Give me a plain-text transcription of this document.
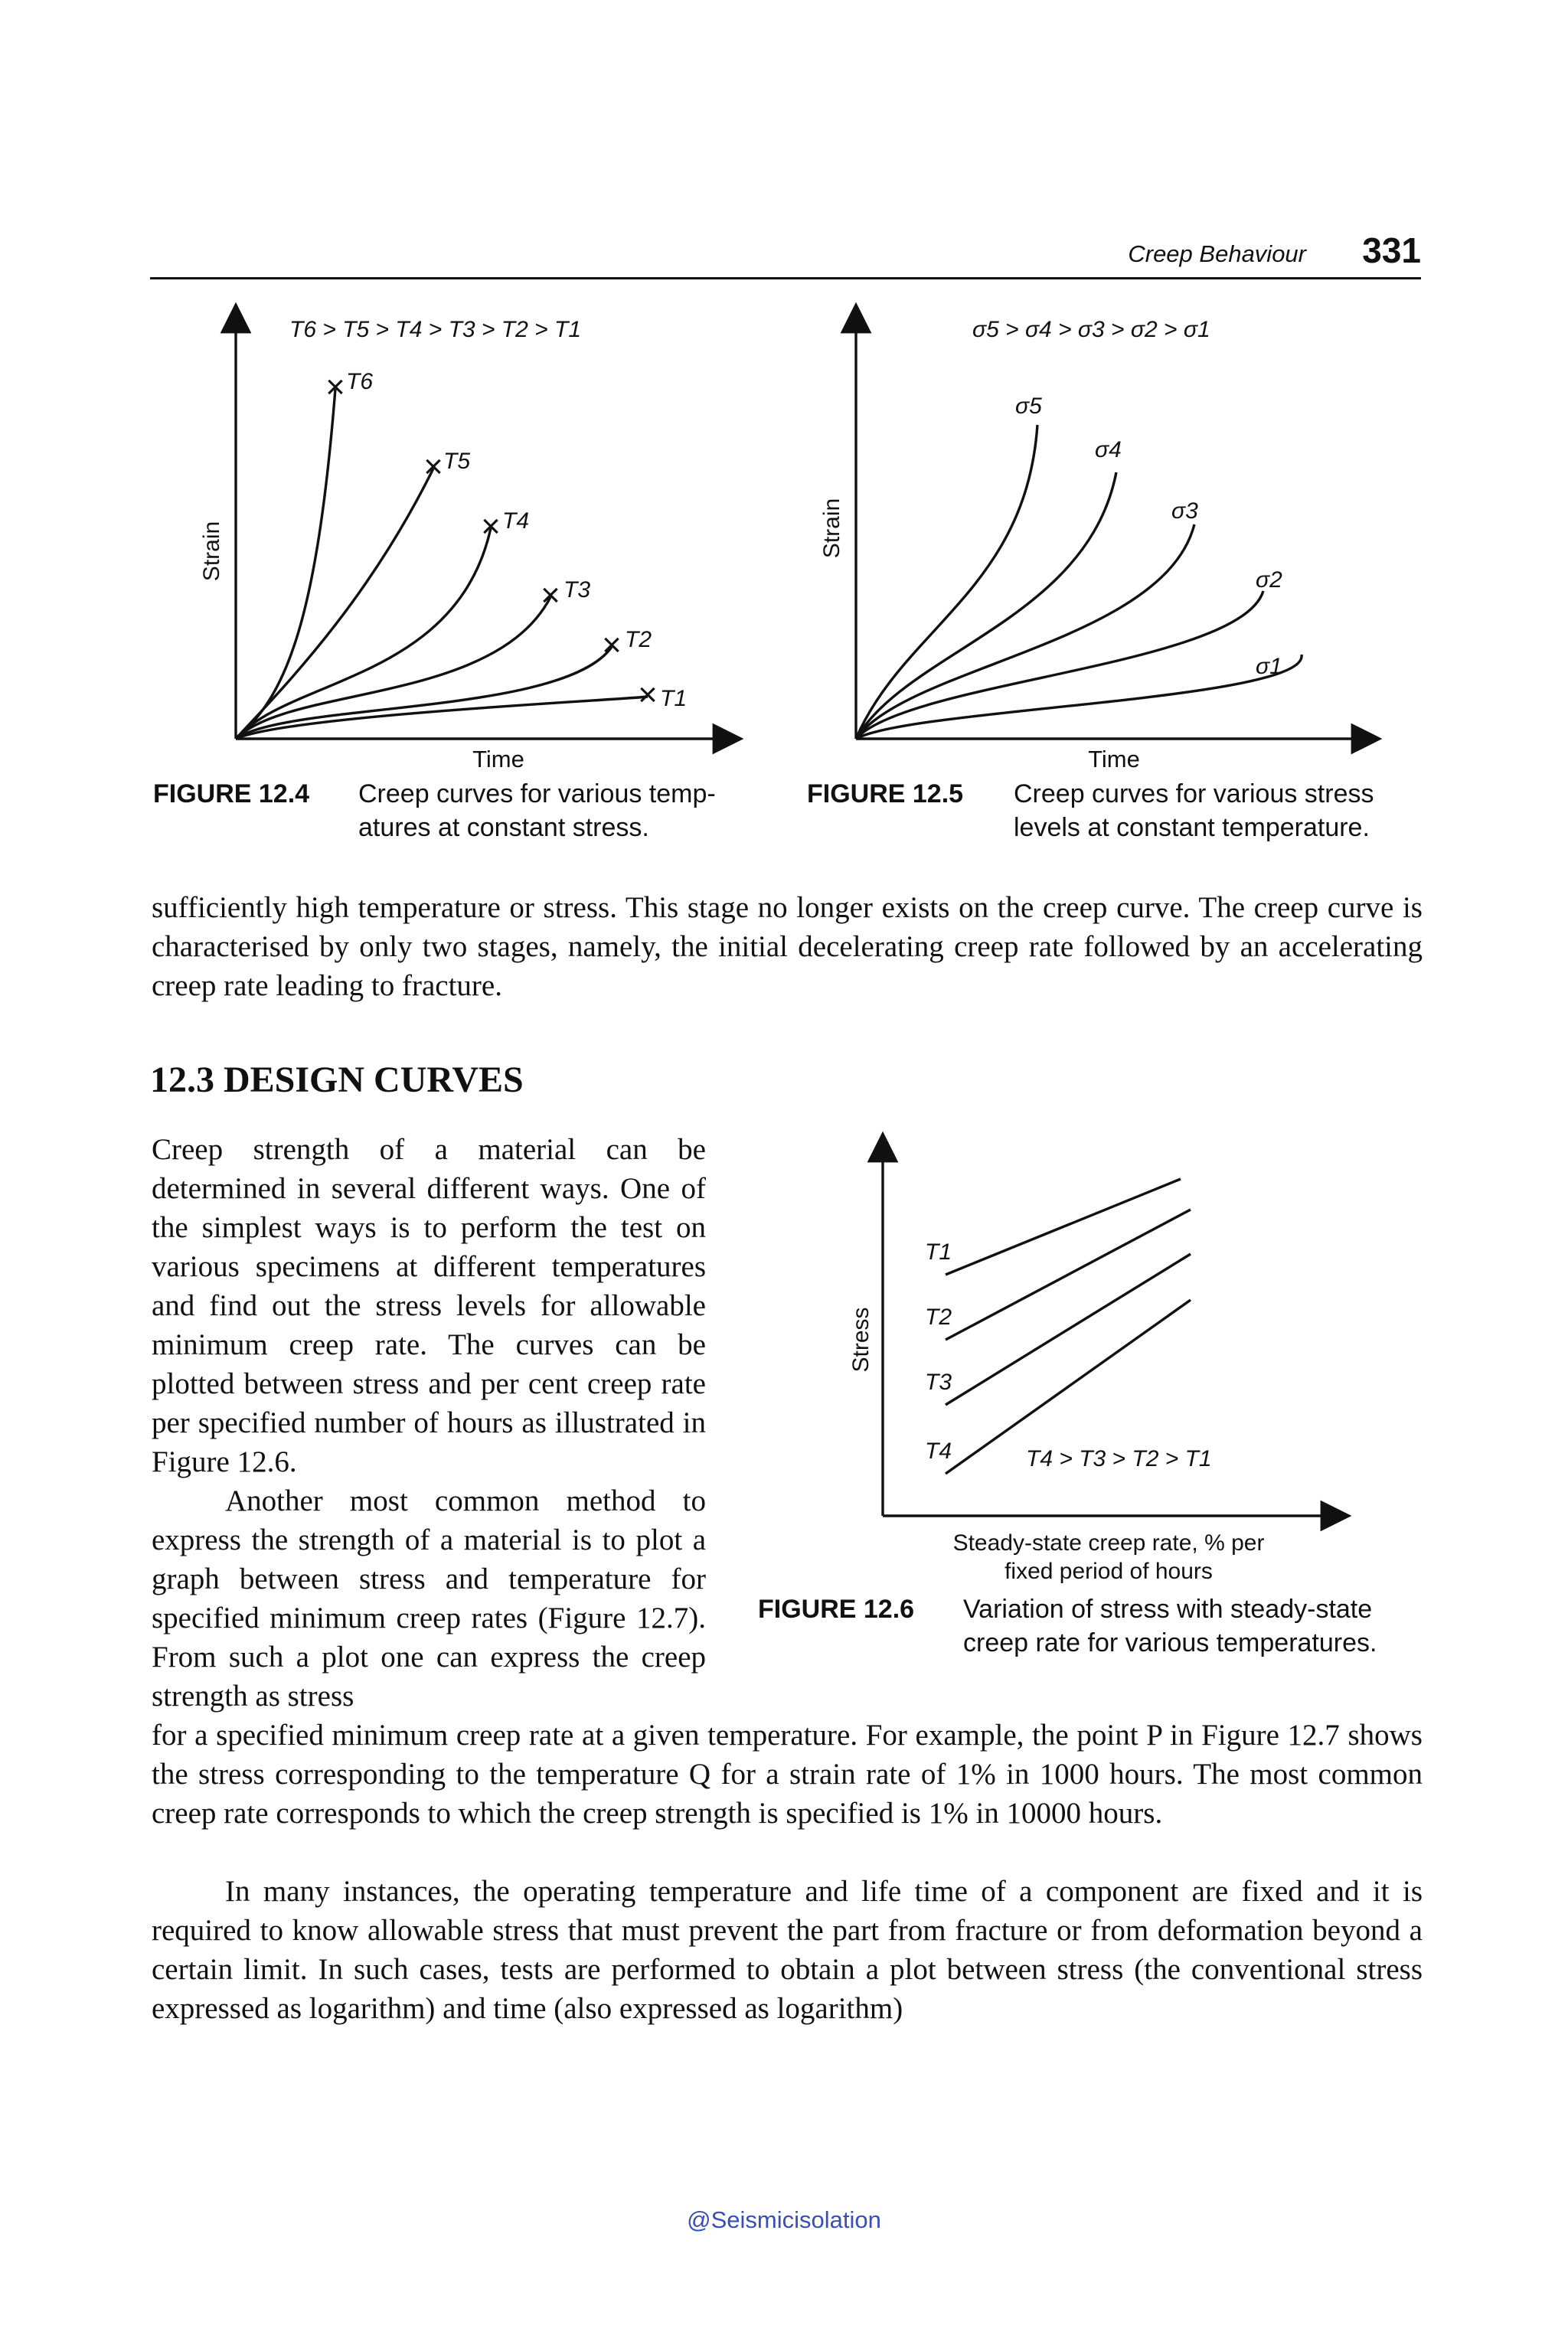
Creep Behaviour 331
T6 > T5 > T4 > T3 > T2 > T1
Strain
Time
×
×
×
×
×
×
T6
T5
T4
T3
T2
T1
σ5 > σ4 > σ3 > σ2 > σ1
Strain
Time
σ5
σ4
σ3
σ2
σ1
FIGURE 12.4 Creep curves for various temp- atures at constant stress.
FIGURE 12.5 Creep curves for various stress levels at constant temperature.

sufficiently high temperature or stress. This stage no longer exists on the creep curve. The creep curve is characterised by only two stages, namely, the initial decelerating creep rate followed by an accelerating creep rate leading to fracture.

12.3 DESIGN CURVES

Creep strength of a material can be determined in several different ways. One of the simplest ways is to perform the test on various specimens at different temperatures and find out the stress levels for allowable minimum creep rate. The curves can be plotted between stress and per cent creep rate per specified number of hours as illustrated in Figure 12.6.

Another most common method to express the strength of a material is to plot a graph between stress and temperature for specified minimum creep rates (Figure 12.7). From such a plot one can express the creep strength as stress

for a specified minimum creep rate at a given temperature. For example, the point P in Figure 12.7 shows the stress corresponding to the temperature Q for a strain rate of 1% in 1000 hours. The most common creep rate corresponds to which the creep strength is specified is 1% in 10000 hours.

In many instances, the operating temperature and life time of a component are fixed and it is required to know allowable stress that must prevent the part from fracture or from deformation beyond a certain limit. In such cases, tests are performed to obtain a plot between stress (the conventional stress expressed as logarithm) and time (also expressed as logarithm)

Stress
Steady-state creep rate, % per
fixed period of hours
T1
T2
T3
T4	T4 > T3 > T2 > T1
FIGURE 12.6 Variation of stress with steady-state creep rate for various temperatures.
@Seismicisolation
